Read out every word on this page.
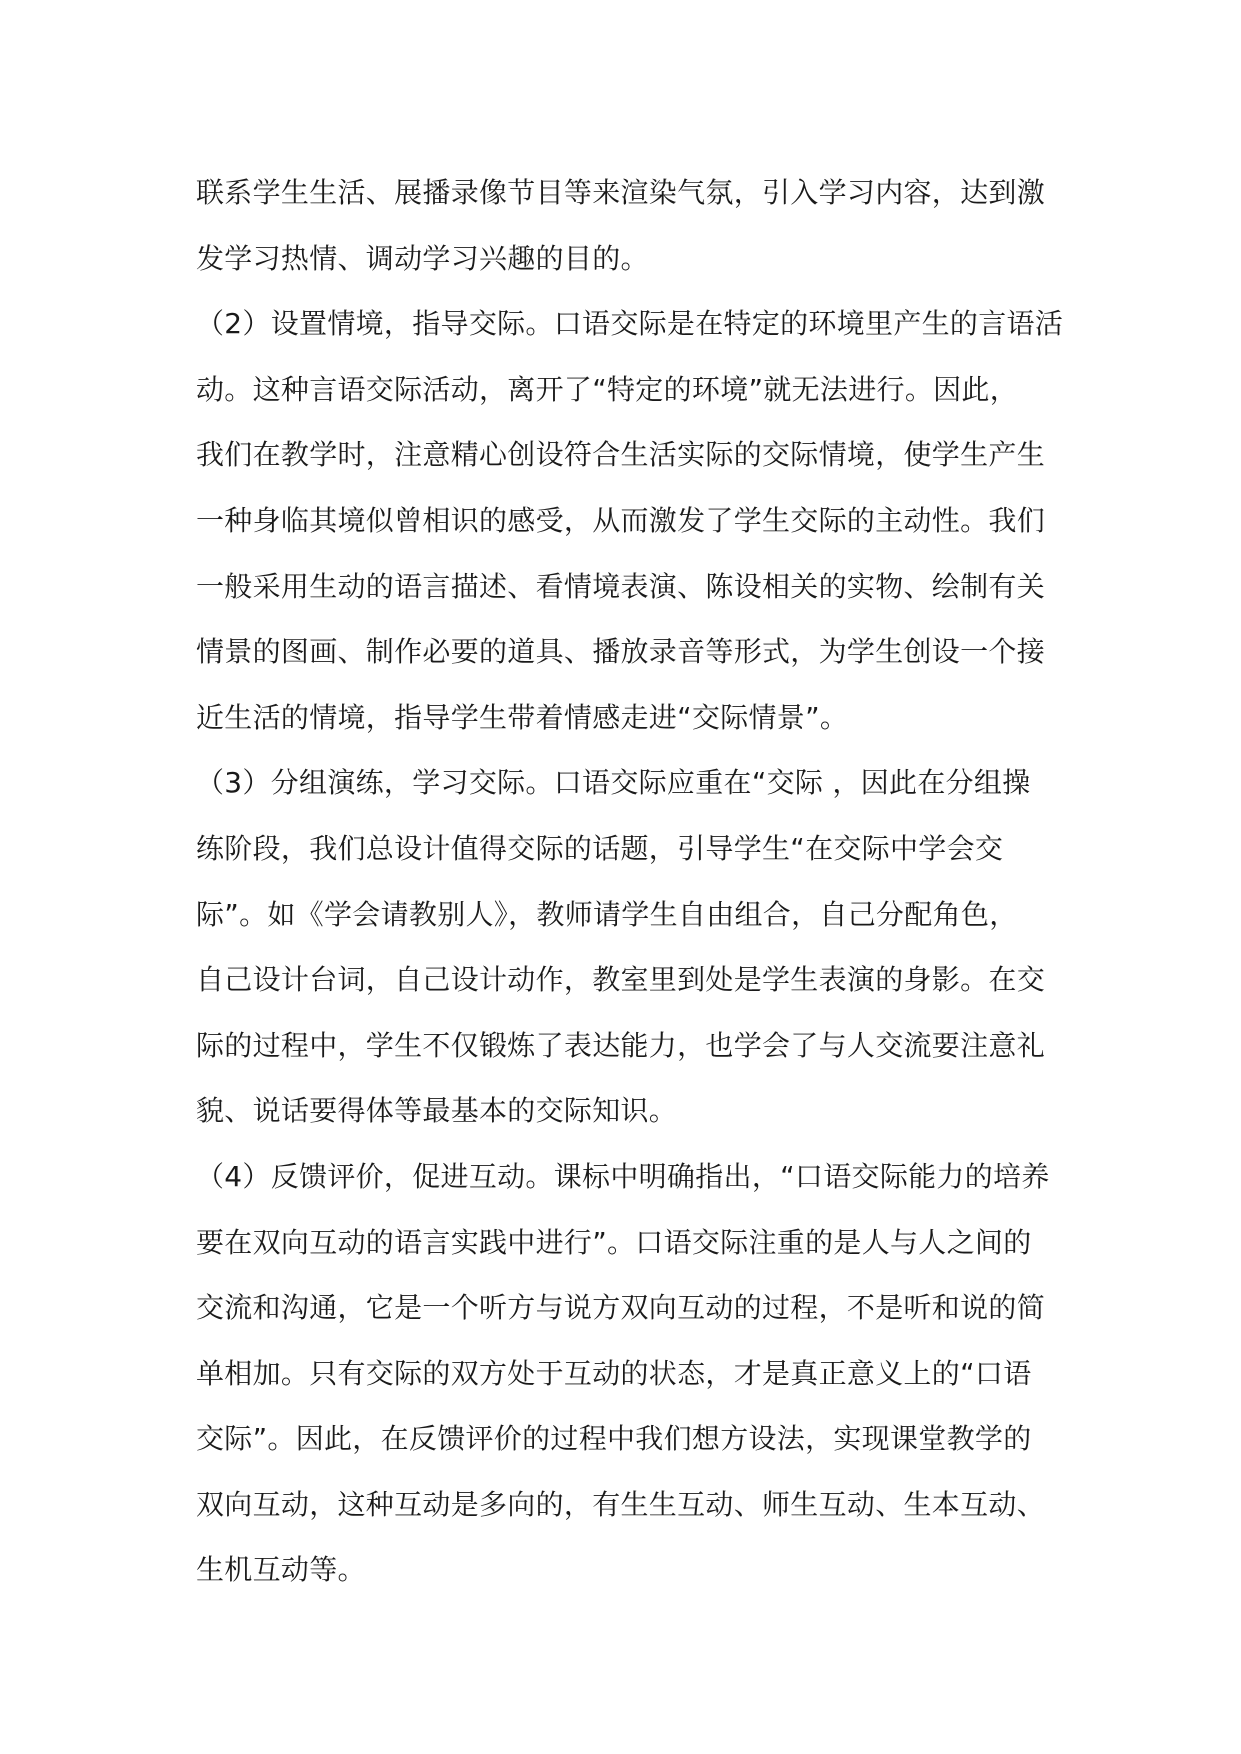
联系学生生活、展播录像节目等来渲染气氛，引入学习内容，达到激
发学习热情、调动学习兴趣的目的。
（2）设置情境，指导交际。口语交际是在特定的环境里产生的言语活
动。这种言语交际活动，离开了“特定的环境”就无法进行。因此，
我们在教学时，注意精心创设符合生活实际的交际情境，使学生产生
一种身临其境似曾相识的感受，从而激发了学生交际的主动性。我们
一般采用生动的语言描述、看情境表演、陈设相关的实物、绘制有关
情景的图画、制作必要的道具、播放录音等形式，为学生创设一个接
近生活的情境，指导学生带着情感走进“交际情景”。
（3）分组演练，学习交际。口语交际应重在“交际 ，因此在分组操
练阶段，我们总设计值得交际的话题，引导学生“在交际中学会交
际”。如《学会请教别人》，教师请学生自由组合，自己分配角色，
自己设计台词，自己设计动作，教室里到处是学生表演的身影。在交
际的过程中，学生不仅锻炼了表达能力，也学会了与人交流要注意礼
貌、说话要得体等最基本的交际知识。
（4）反馈评价，促进互动。课标中明确指出，“口语交际能力的培养
要在双向互动的语言实践中进行”。口语交际注重的是人与人之间的
交流和沟通，它是一个听方与说方双向互动的过程，不是听和说的简
单相加。只有交际的双方处于互动的状态，才是真正意义上的“口语
交际”。因此，在反馈评价的过程中我们想方设法，实现课堂教学的
双向互动，这种互动是多向的，有生生互动、师生互动、生本互动、
生机互动等。
